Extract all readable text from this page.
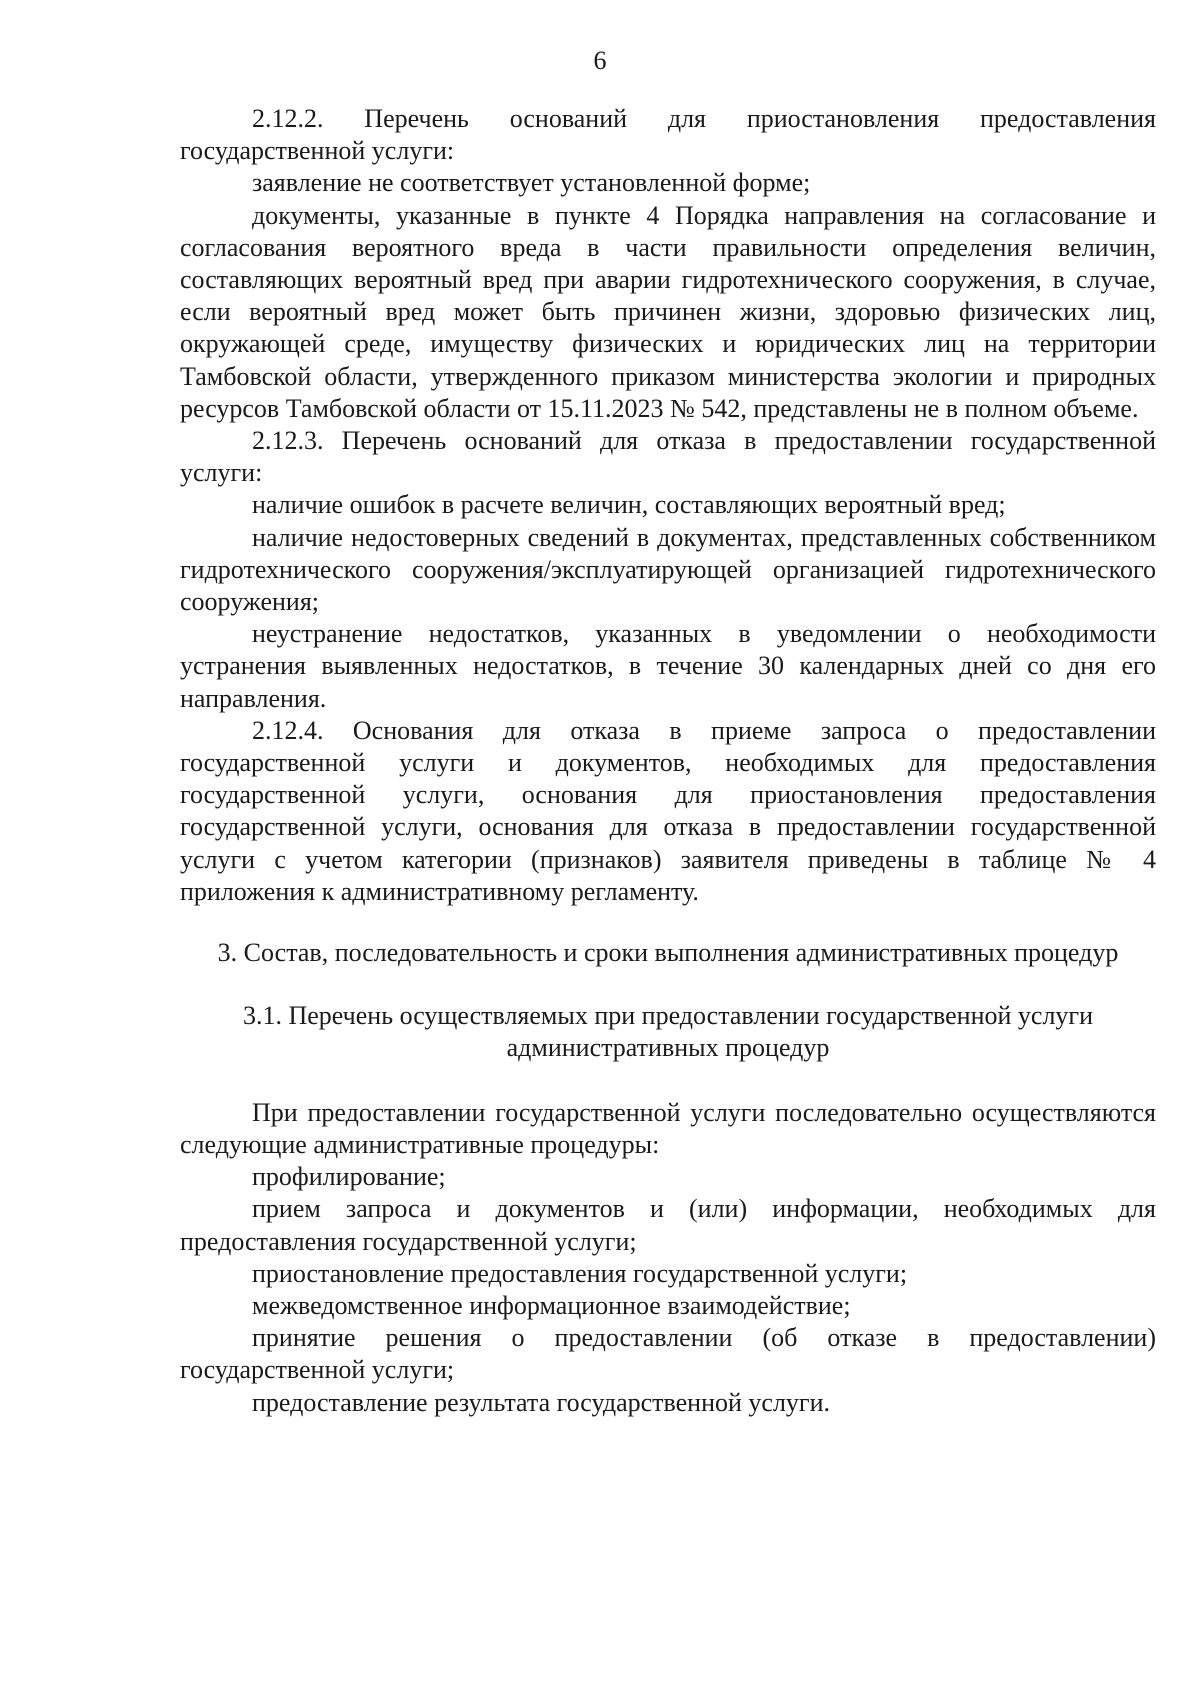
6

2.12.2. Перечень оснований для приостановления предоставления государственной услуги:

заявление не соответствует установленной форме;

документы, указанные в пункте 4 Порядка направления на согласование и согласования вероятного вреда в части правильности определения величин, составляющих вероятный вред при аварии гидротехнического сооружения, в случае, если вероятный вред может быть причинен жизни, здоровью физических лиц, окружающей среде, имуществу физических и юридических лиц на территории Тамбовской области, утвержденного приказом министерства экологии и природных ресурсов Тамбовской области от 15.11.2023 № 542, представлены не в полном объеме.

2.12.3. Перечень оснований для отказа в предоставлении государственной услуги:

наличие ошибок в расчете величин, составляющих вероятный вред;

наличие недостоверных сведений в документах, представленных собственником гидротехнического сооружения/эксплуатирующей организацией гидротехнического сооружения;

неустранение недостатков, указанных в уведомлении о необходимости устранения выявленных недостатков, в течение 30 календарных дней со дня его направления.

2.12.4. Основания для отказа в приеме запроса о предоставлении государственной услуги и документов, необходимых для предоставления государственной услуги, основания для приостановления предоставления государственной услуги, основания для отказа в предоставлении государственной услуги с учетом категории (признаков) заявителя приведены в таблице № 4 приложения к административному регламенту.

3. Состав, последовательность и сроки выполнения административных процедур
3.1. Перечень осуществляемых при предоставлении государственной услуги административных процедур

При предоставлении государственной услуги последовательно осуществляются следующие административные процедуры:

профилирование;

прием запроса и документов и (или) информации, необходимых для предоставления государственной услуги;

приостановление предоставления государственной услуги;

межведомственное информационное взаимодействие;

принятие решения о предоставлении (об отказе в предоставлении) государственной услуги;

предоставление результата государственной услуги.
